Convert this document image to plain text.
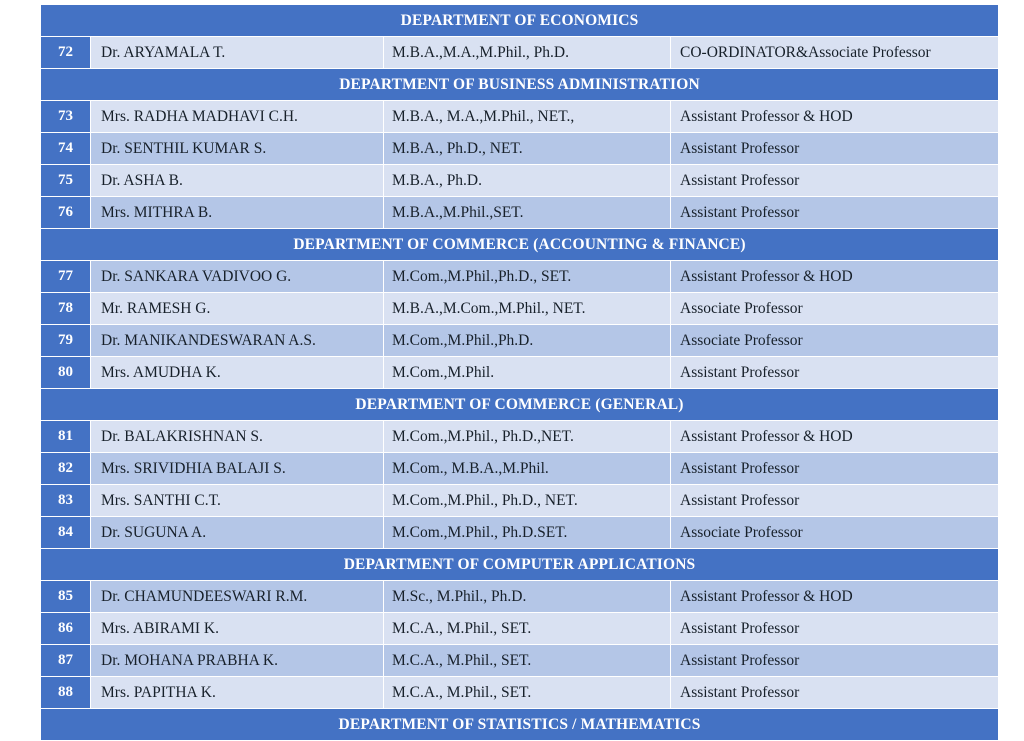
DEPARTMENT OF ECONOMICS			
72	Dr. ARYAMALA T.	M.B.A.,M.A.,M.Phil., Ph.D.	CO-ORDINATOR&Associate Professor
DEPARTMENT OF BUSINESS ADMINISTRATION			
73	Mrs. RADHA MADHAVI C.H.	M.B.A., M.A.,M.Phil., NET.,	Assistant Professor & HOD
74	Dr. SENTHIL KUMAR S.	M.B.A., Ph.D., NET.	Assistant Professor
75	Dr. ASHA B.	M.B.A., Ph.D.	Assistant Professor
76	Mrs. MITHRA B.	M.B.A.,M.Phil.,SET.	Assistant Professor
DEPARTMENT OF COMMERCE (ACCOUNTING & FINANCE)			
77	Dr. SANKARA VADIVOO G.	M.Com.,M.Phil.,Ph.D., SET.	Assistant Professor & HOD
78	Mr. RAMESH G.	M.B.A.,M.Com.,M.Phil., NET.	Associate Professor
79	Dr. MANIKANDESWARAN A.S.	M.Com.,M.Phil.,Ph.D.	Associate Professor
80	Mrs. AMUDHA K.	M.Com.,M.Phil.	Assistant Professor
DEPARTMENT OF COMMERCE (GENERAL)			
81	Dr. BALAKRISHNAN S.	M.Com.,M.Phil., Ph.D.,NET.	Assistant Professor & HOD
82	Mrs. SRIVIDHIA BALAJI S.	M.Com., M.B.A.,M.Phil.	Assistant Professor
83	Mrs. SANTHI C.T.	M.Com.,M.Phil., Ph.D., NET.	Assistant Professor
84	Dr. SUGUNA A.	M.Com.,M.Phil., Ph.D.SET.	Associate Professor
DEPARTMENT OF COMPUTER APPLICATIONS			
85	Dr. CHAMUNDEESWARI R.M.	M.Sc., M.Phil., Ph.D.	Assistant Professor & HOD
86	Mrs. ABIRAMI K.	M.C.A., M.Phil., SET.	Assistant Professor
87	Dr. MOHANA PRABHA K.	M.C.A., M.Phil., SET.	Assistant Professor
88	Mrs. PAPITHA K.	M.C.A., M.Phil., SET.	Assistant Professor
DEPARTMENT OF STATISTICS / MATHEMATICS			
